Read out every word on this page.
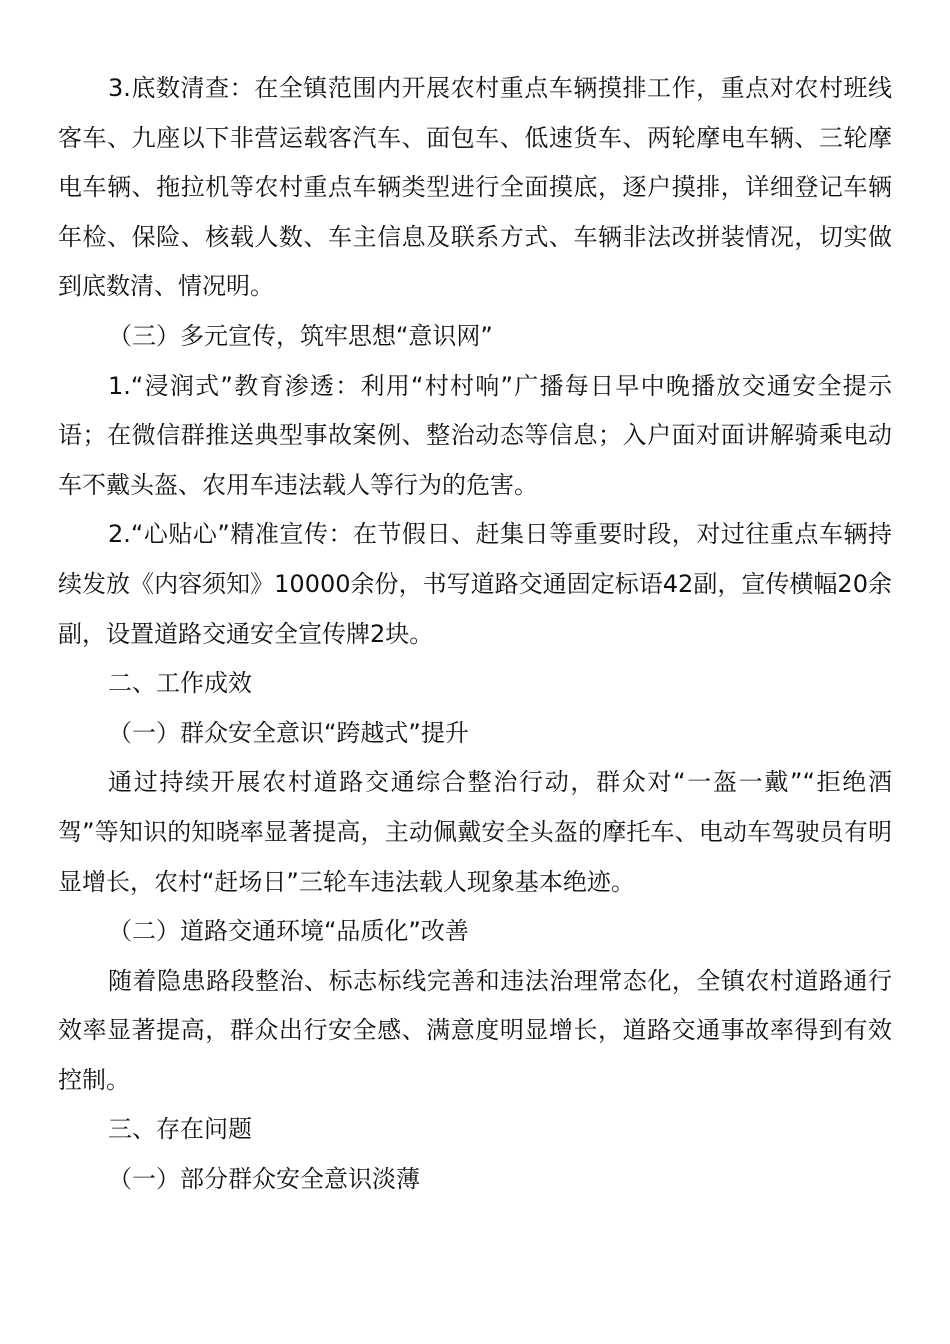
3.底数清查：在全镇范围内开展农村重点车辆摸排工作，重点对农村班线客车、九座以下非营运载客汽车、面包车、低速货车、两轮摩电车辆、三轮摩电车辆、拖拉机等农村重点车辆类型进行全面摸底，逐户摸排，详细登记车辆年检、保险、核载人数、车主信息及联系方式、车辆非法改拼装情况，切实做到底数清、情况明。

（三）多元宣传，筑牢思想“意识网”

1.“浸润式”教育渗透：利用“村村响”广播每日早中晚播放交通安全提示语；在微信群推送典型事故案例、整治动态等信息；入户面对面讲解骑乘电动车不戴头盔、农用车违法载人等行为的危害。

2.“心贴心”精准宣传：在节假日、赶集日等重要时段，对过往重点车辆持续发放《内容须知》10000余份，书写道路交通固定标语42副，宣传横幅20余副，设置道路交通安全宣传牌2块。

二、工作成效

（一）群众安全意识“跨越式”提升

通过持续开展农村道路交通综合整治行动，群众对“一盔一戴”“拒绝酒驾”等知识的知晓率显著提高，主动佩戴安全头盔的摩托车、电动车驾驶员有明显增长，农村“赶场日”三轮车违法载人现象基本绝迹。

（二）道路交通环境“品质化”改善

随着隐患路段整治、标志标线完善和违法治理常态化，全镇农村道路通行效率显著提高，群众出行安全感、满意度明显增长，道路交通事故率得到有效控制。

三、存在问题

（一）部分群众安全意识淡薄
